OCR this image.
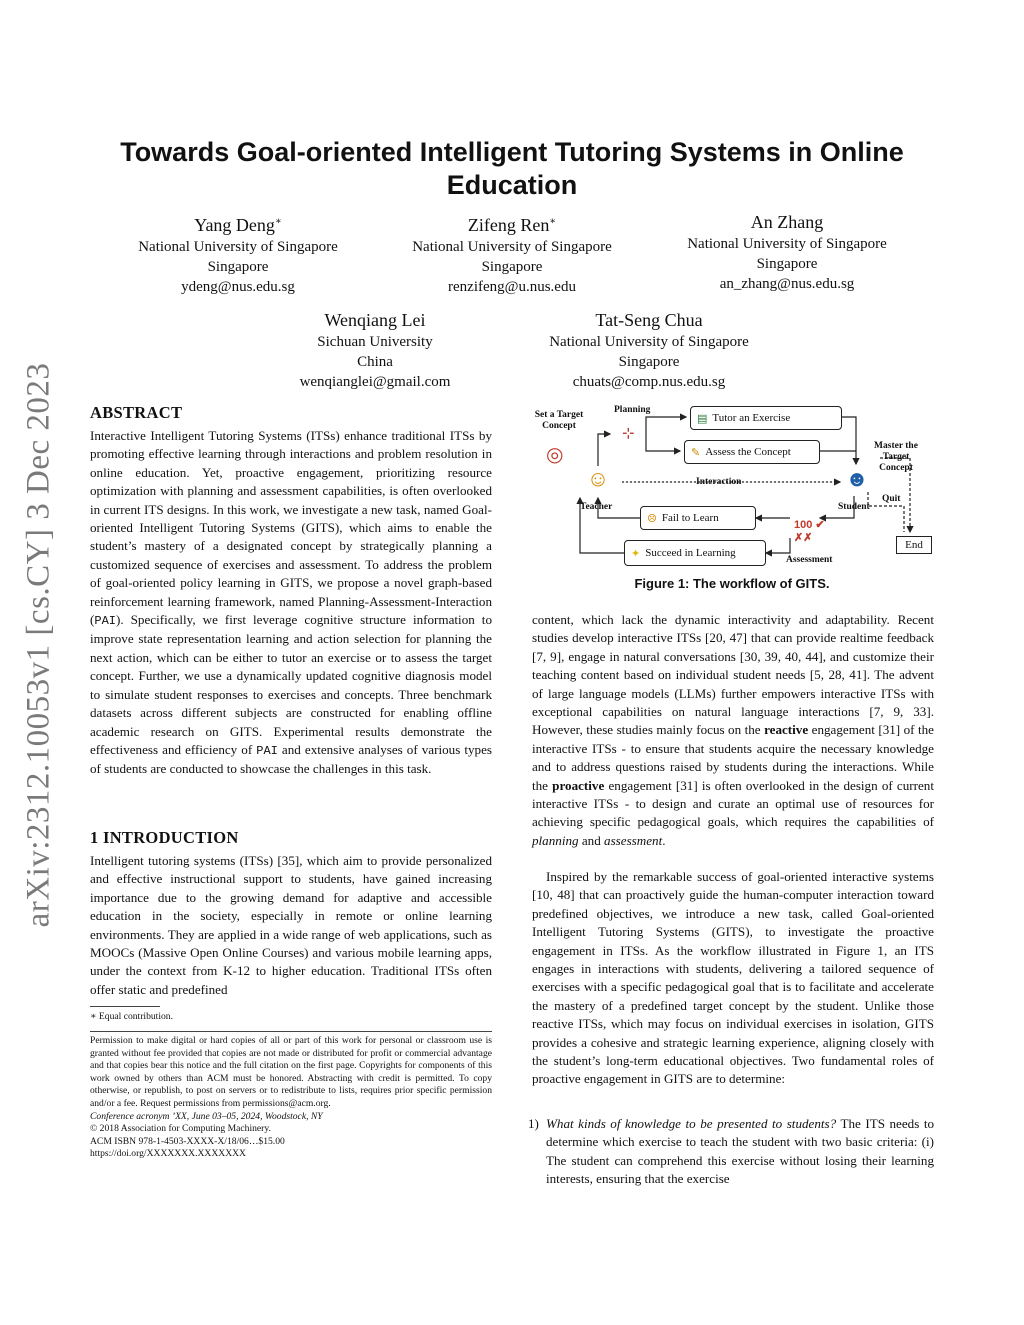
arXiv:2312.10053v1 [cs.CY] 3 Dec 2023
Towards Goal-oriented Intelligent Tutoring Systems in Online Education
Yang Deng∗
National University of Singapore
Singapore
ydeng@nus.edu.sg
Zifeng Ren∗
National University of Singapore
Singapore
renzifeng@u.nus.edu
An Zhang
National University of Singapore
Singapore
an_zhang@nus.edu.sg
Wenqiang Lei
Sichuan University
China
wenqianglei@gmail.com
Tat-Seng Chua
National University of Singapore
Singapore
chuats@comp.nus.edu.sg
ABSTRACT

Interactive Intelligent Tutoring Systems (ITSs) enhance traditional ITSs by promoting effective learning through interactions and problem resolution in online education. Yet, proactive engagement, prioritizing resource optimization with planning and assessment capabilities, is often overlooked in current ITS designs. In this work, we investigate a new task, named Goal-oriented Intelligent Tutoring Systems (GITS), which aims to enable the student’s mastery of a designated concept by strategically planning a customized sequence of exercises and assessment. To address the problem of goal-oriented policy learning in GITS, we propose a novel graph-based reinforcement learning framework, named Planning-Assessment-Interaction (PAI). Specifically, we first leverage cognitive structure information to improve state representation learning and action selection for planning the next action, which can be either to tutor an exercise or to assess the target concept. Further, we use a dynamically updated cognitive diagnosis model to simulate student responses to exercises and concepts. Three benchmark datasets across different subjects are constructed for enabling offline academic research on GITS. Experimental results demonstrate the effectiveness and efficiency of PAI and extensive analyses of various types of students are conducted to showcase the challenges in this task.

1 INTRODUCTION

Intelligent tutoring systems (ITSs) [35], which aim to provide personalized and effective instructional support to students, have gained increasing importance due to the growing demand for adaptive and accessible education in the society, especially in remote or online learning environments. They are applied in a wide range of web applications, such as MOOCs (Massive Open Online Courses) and various mobile learning apps, under the context from K-12 to higher education. Traditional ITSs often offer static and predefined

∗ Equal contribution.
Permission to make digital or hard copies of all or part of this work for personal or classroom use is granted without fee provided that copies are not made or distributed for profit or commercial advantage and that copies bear this notice and the full citation on the first page. Copyrights for components of this work owned by others than ACM must be honored. Abstracting with credit is permitted. To copy otherwise, or republish, to post on servers or to redistribute to lists, requires prior specific permission and/or a fee. Request permissions from permissions@acm.org.
Conference acronym ’XX, June 03–05, 2024, Woodstock, NY
© 2018 Association for Computing Machinery.
ACM ISBN 978-1-4503-XXXX-X/18/06…$15.00
https://doi.org/XXXXXXX.XXXXXXX
Set a Target Concept
◎
Planning
⊹
▤ Tutor an Exercise
✎ Assess the Concept	Master the Target Concept
☺
Teacher
Interaction	☻
Student
Quit
☹ Fail to Learn
✦ Succeed in Learning
100 ✔
✗✗
Assessment
End
Figure 1: The workflow of GITS.

content, which lack the dynamic interactivity and adaptability. Recent studies develop interactive ITSs [20, 47] that can provide realtime feedback [7, 9], engage in natural conversations [30, 39, 40, 44], and customize their teaching content based on individual student needs [5, 28, 41]. The advent of large language models (LLMs) further empowers interactive ITSs with exceptional capabilities on natural language interactions [7, 9, 33]. However, these studies mainly focus on the reactive engagement [31] of the interactive ITSs - to ensure that students acquire the necessary knowledge and to address questions raised by students during the interactions. While the proactive engagement [31] is often overlooked in the design of current interactive ITSs - to design and curate an optimal use of resources for achieving specific pedagogical goals, which requires the capabilities of planning and assessment.

Inspired by the remarkable success of goal-oriented interactive systems [10, 48] that can proactively guide the human-computer interaction toward predefined objectives, we introduce a new task, called Goal-oriented Intelligent Tutoring Systems (GITS), to investigate the proactive engagement in ITSs. As the workflow illustrated in Figure 1, an ITS engages in interactions with students, delivering a tailored sequence of exercises with a specific pedagogical goal that is to facilitate and accelerate the mastery of a predefined target concept by the student. Unlike those reactive ITSs, which may focus on individual exercises in isolation, GITS provides a cohesive and strategic learning experience, aligning closely with the student’s long-term educational objectives. Two fundamental roles of proactive engagement in GITS are to determine:

1) What kinds of knowledge to be presented to students? The ITS needs to determine which exercise to teach the student with two basic criteria: (i) The student can comprehend this exercise without losing their learning interests, ensuring that the exercise
